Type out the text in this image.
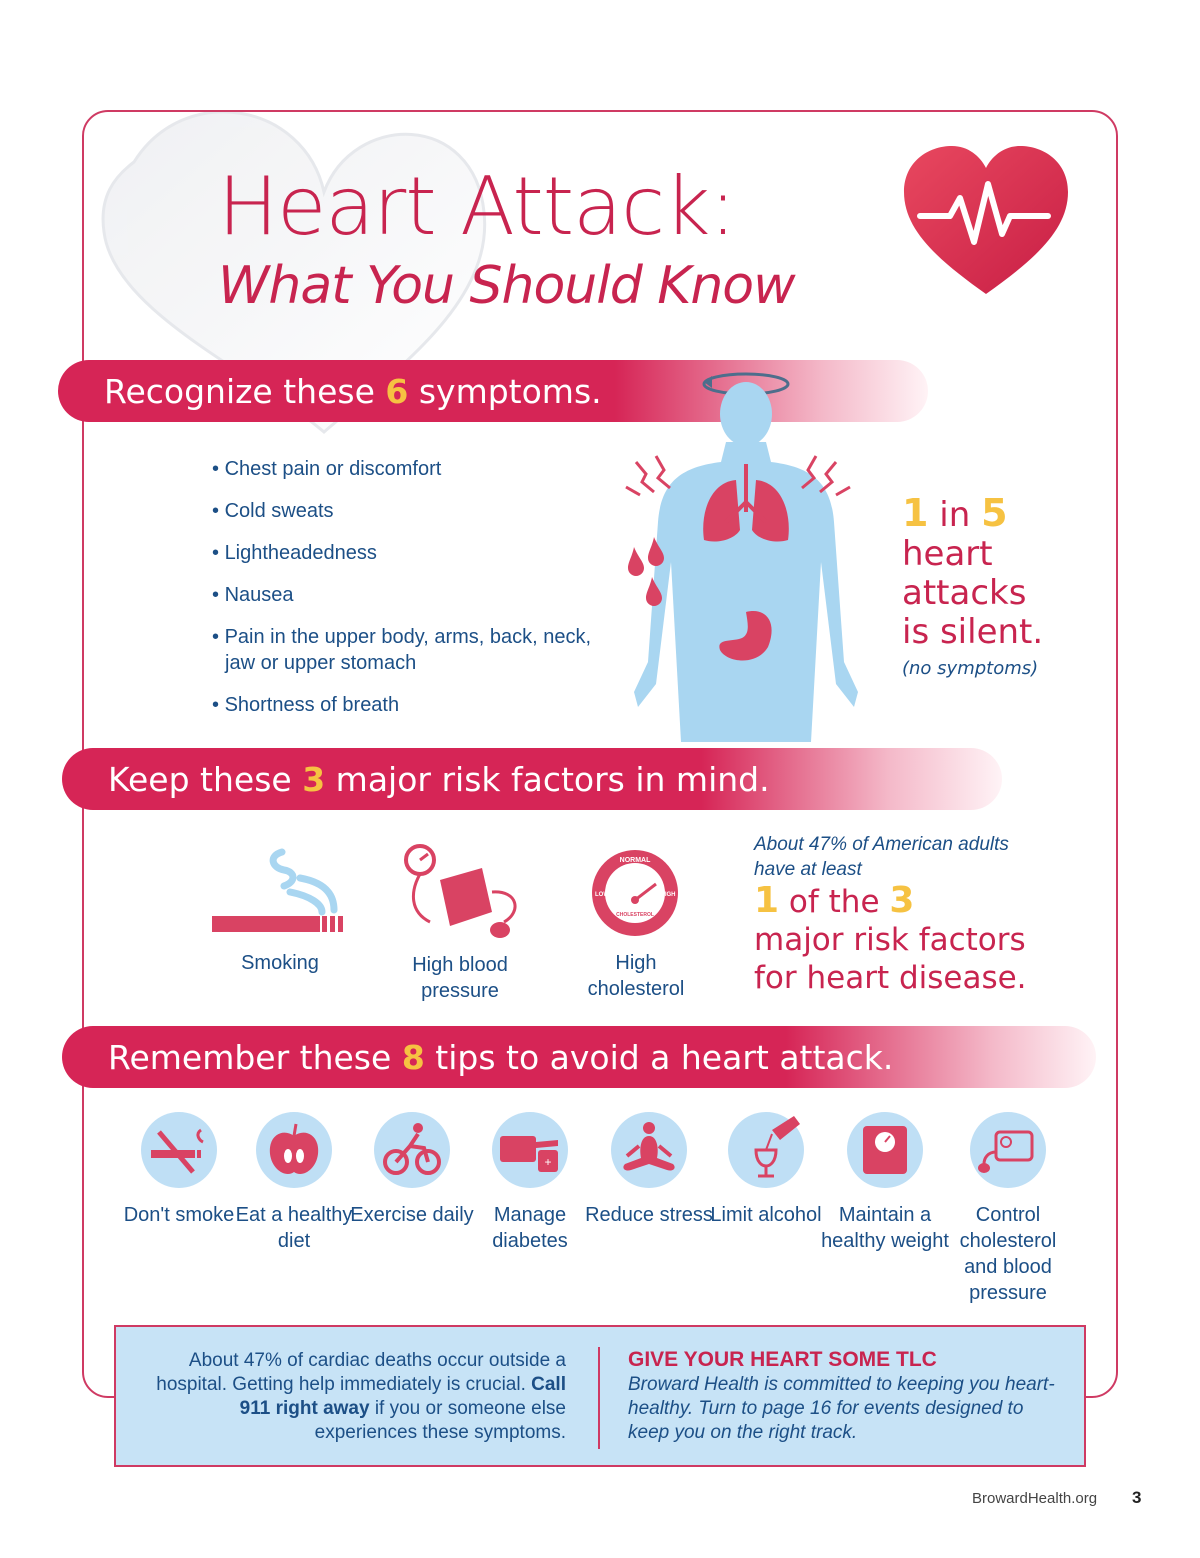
Heart Attack:
What You Should Know
Recognize these
6
symptoms.
• Chest pain or discomfort
• Cold sweats
• Lightheadedness
• Nausea
• Pain in the upper body, arms, back, neck, jaw or upper stomach
• Shortness of breath
1 in 5
heart
attacks
is silent.
(no symptoms)
Keep these
3
major risk factors in mind.
Smoking	High blood pressure
NORMAL
LOW	HIGH
CHOLESTEROL
High cholesterol
About 47% of American adults have at least
1 of the 3
major risk factors
for heart disease.
Remember these
8
tips to avoid a heart attack.
Don't smoke Eat a healthy diet
Exercise daily
+
Manage diabetes
Reduce stress
Limit alcohol Maintain a healthy weight
Control cholesterol and blood pressure
About 47% of cardiac deaths occur outside a hospital. Getting help immediately is crucial. Call 911 right away if you or someone else experiences these symptoms.
GIVE YOUR HEART SOME TLC
Broward Health is committed to keeping you heart-healthy. Turn to page 16 for events designed to keep you on the right track.
BrowardHealth.org 3
